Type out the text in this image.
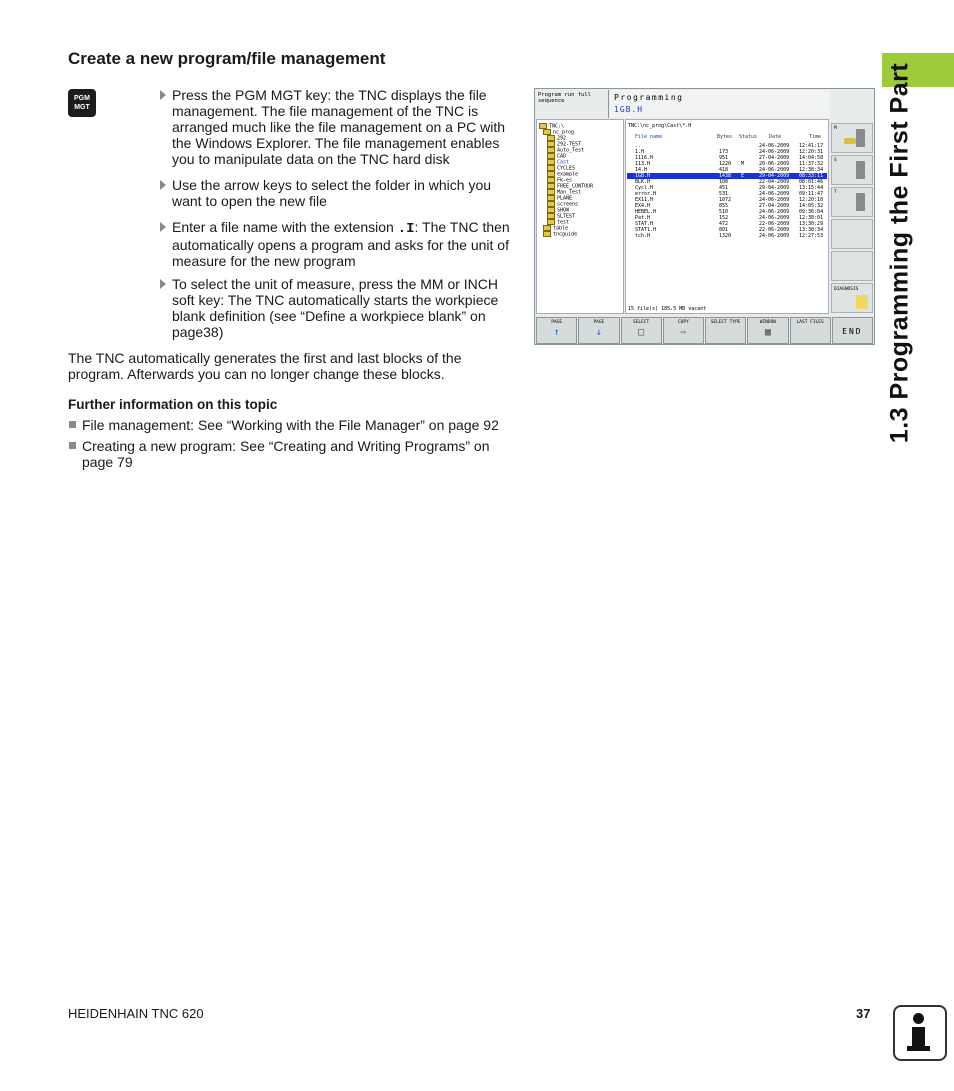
1.3 Programming the First Part
Create a new program/file management
PGM
MGT
Press the PGM MGT key: the TNC displays the file management. The file management of the TNC is arranged much like the file management on a PC with the Windows Explorer. The file management enables you to manipulate data on the TNC hard disk
Use the arrow keys to select the folder in which you want to open the new file
Enter a file name with the extension .I: The TNC then automatically opens a program and asks for the unit of measure for the new program
To select the unit of measure, press the MM or INCH soft key: The TNC automatically starts the workpiece blank definition (see “Define a workpiece blank” on page38)
The TNC automatically generates the first and last blocks of the program. Afterwards you can no longer change these blocks.
Further information on this topic
File management: See “Working with the File Manager” on page 92
Creating a new program: See “Creating and Writing Programs” on page 79
Program run full sequence	Programming
1GB.H
TNC:\
nc_prog
292
292-TEST
Auto_Test
CAD
Cast
CYCLES
example
Fk-es
FREE_CONTOUR
Man_Test
PLANE
screens
SHOW
SLTEST
test
table
tncguide
TNC:\nc_prog\Cast\*.H
File name	Bytes Status Date	Time
..	24-06-2009 12:41:17
1.H	173	24-06-2009 12:20:31
1116.H	951	27-04-2009 14:04:58
113.H	1220 M	20-06-2009 11:37:32
14.H	418	24-06-2009 12:38:34
1GB.H	1438 E	29-04-2009 08:33:11
BLK.H	108	22-04-2009 08:01:46
Cycl.H	451	29-04-2009 13:15:44
error.H	531	24-06-2009 09:11:47
EX11.H	1072	24-06-2009 12:20:10
EX4.H	855	27-04-2009 14:05:32
HEBEL.H	510	24-06-2009 09:36:04
Pat.H	152	24-06-2009 12:38:01
STAT.H	472	22-06-2009 13:30:29
STAT1.H	801	22-06-2009 13:30:34
tch.H	1320	24-06-2009 12:27:53
15 file(s) 185.5 MB vacant
M
S
T
DIAGNOSIS
PAGE
↑
PAGE
↓
SELECT
□
COPY
⇨
SELECT TYPE	WINDOW
▦
LAST FILES
END
HEIDENHAIN TNC 620	37
